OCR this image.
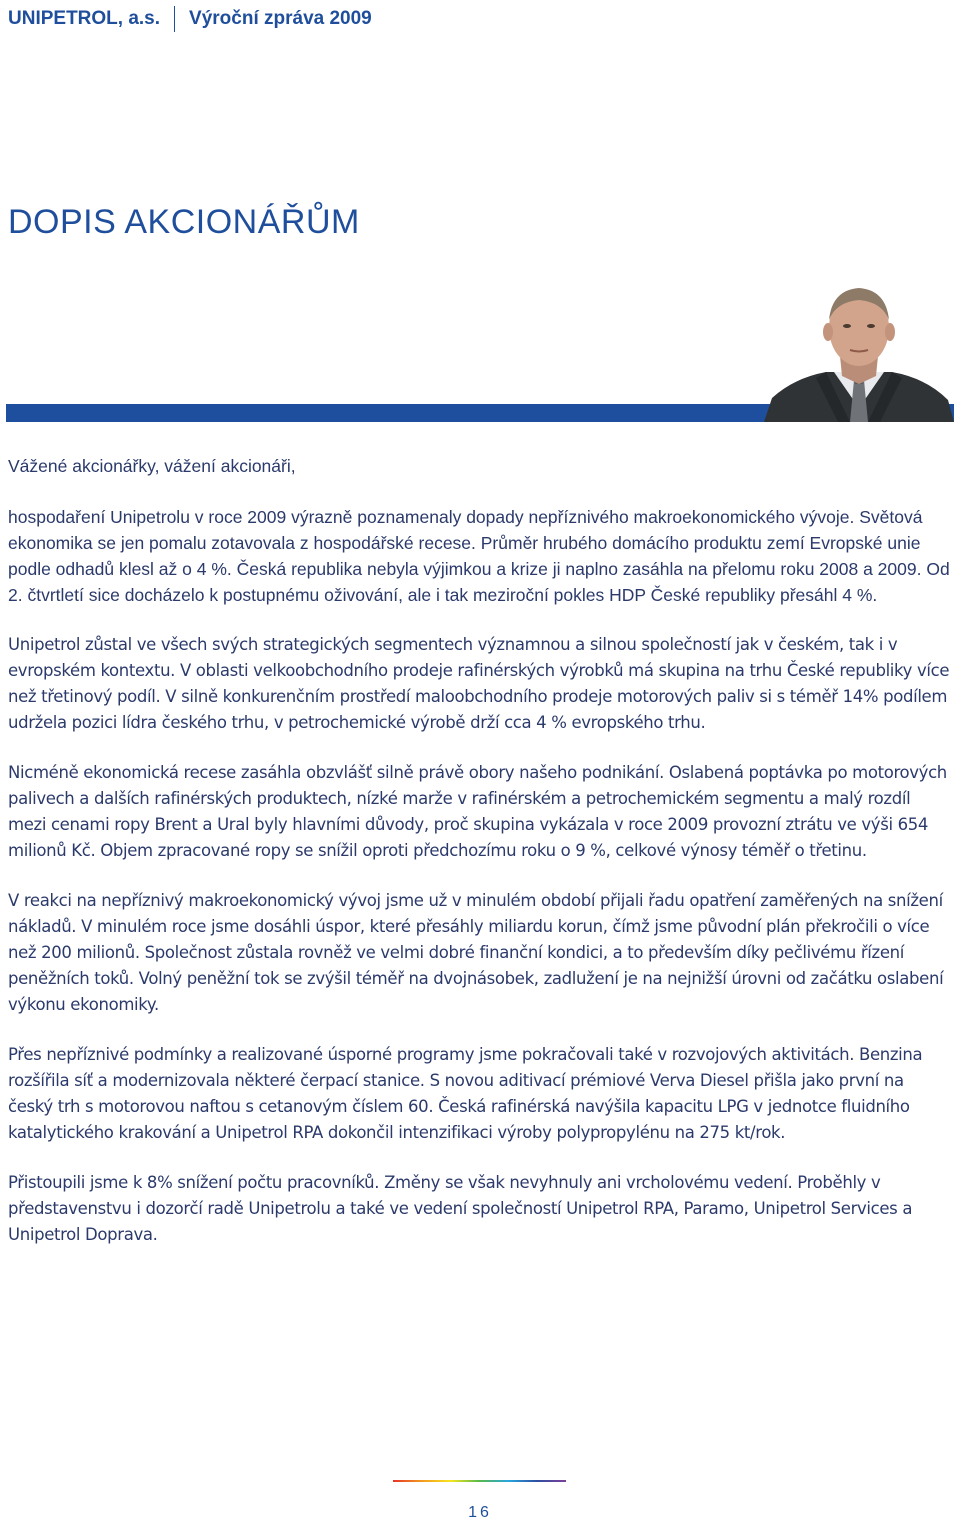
UNIPETROL, a.s. Výroční zpráva 2009
DOPIS AKCIONÁŘŮM

Vážené akcionářky, vážení akcionáři,

hospodaření Unipetrolu v roce 2009 výrazně poznamenaly dopady nepříznivého makroekonomického vývoje. Světová ekonomika se jen pomalu zotavovala z hospodářské recese. Průměr hrubého domácího produktu zemí Evropské unie podle odhadů klesl až o 4 %. Česká republika nebyla výjimkou a krize ji naplno zasáhla na přelomu roku 2008 a 2009. Od 2. čtvrtletí sice docházelo k postupnému oživování, ale i tak meziroční pokles HDP České republiky přesáhl 4 %.

Unipetrol zůstal ve všech svých strategických segmentech významnou a silnou společností jak v českém, tak i v evropském kontextu. V oblasti velkoobchodního prodeje rafinérských výrobků má skupina na trhu České republiky více než třetinový podíl. V silně konkurenčním prostředí maloobchodního prodeje motorových paliv si s téměř 14% podílem udržela pozici lídra českého trhu, v petrochemické výrobě drží cca 4 % evropského trhu.

Nicméně ekonomická recese zasáhla obzvlášť silně právě obory našeho podnikání. Oslabená poptávka po motorových palivech a dalších rafinérských produktech, nízké marže v rafinérském a petrochemickém segmentu a malý rozdíl mezi cenami ropy Brent a Ural byly hlavními důvody, proč skupina vykázala v roce 2009 provozní ztrátu ve výši 654 milionů Kč. Objem zpracované ropy se snížil oproti předchozímu roku o 9 %, celkové výnosy téměř o třetinu.

V reakci na nepříznivý makroekonomický vývoj jsme už v minulém období přijali řadu opatření zaměřených na snížení nákladů. V minulém roce jsme dosáhli úspor, které přesáhly miliardu korun, čímž jsme původní plán překročili o více než 200 milionů. Společnost zůstala rovněž ve velmi dobré finanční kondici, a to především díky pečlivému řízení peněžních toků. Volný peněžní tok se zvýšil téměř na dvojnásobek, zadlužení je na nejnižší úrovni od začátku oslabení výkonu ekonomiky.

Přes nepříznivé podmínky a realizované úsporné programy jsme pokračovali také v rozvojových aktivitách. Benzina rozšířila síť a modernizovala některé čerpací stanice. S novou aditivací prémiové Verva Diesel přišla jako první na český trh s motorovou naftou s cetanovým číslem 60. Česká rafinérská navýšila kapacitu LPG v jednotce fluidního katalytického krakování a Unipetrol RPA dokončil intenzifikaci výroby polypropylénu na 275 kt/rok.

Přistoupili jsme k 8% snížení počtu pracovníků. Změny se však nevyhnuly ani vrcholovému vedení. Proběhly v představenstvu i dozorčí radě Unipetrolu a také ve vedení společností Unipetrol RPA, Paramo, Unipetrol Services a Unipetrol Doprava.

16
